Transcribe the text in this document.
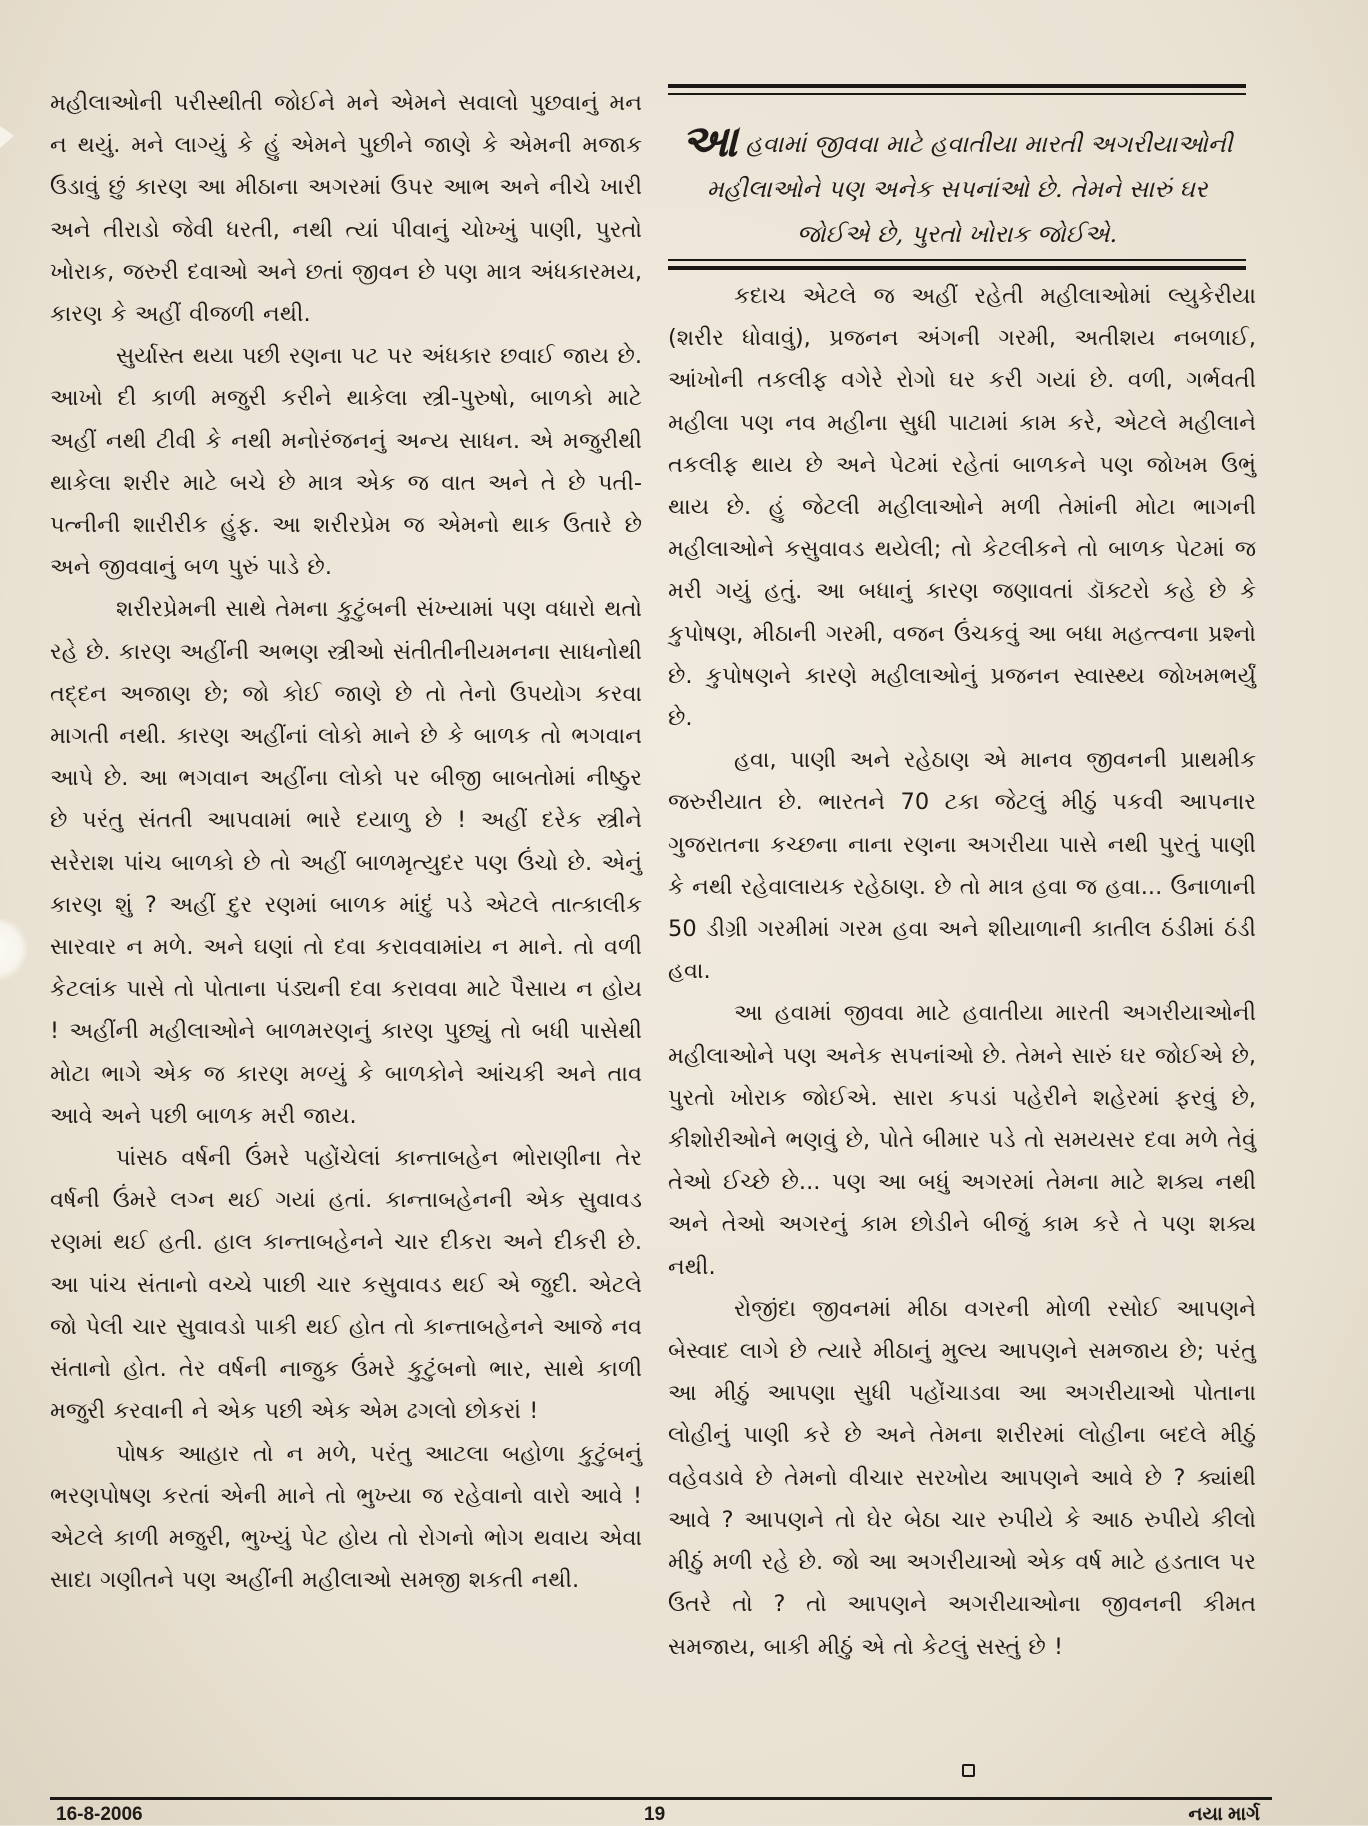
મહીલાઓની પરીસ્થીતી જોઈને મને એમને સવાલો પુછવાનું મન ન થયું. મને લાગ્યું કે હું એમને પુછીને જાણે કે એમની મજાક ઉડાવું છું કારણ આ મીઠાના અગરમાં ઉપર આભ અને નીચે ખારી અને તીરાડો જેવી ધરતી, નથી ત્યાં પીવાનું ચોખ્ખું પાણી, પુરતો ખોરાક, જરુરી દવાઓ અને છતાં જીવન છે પણ માત્ર અંધકારમય, કારણ કે અહીં વીજળી નથી.

સુર્યાસ્ત થયા પછી રણના પટ પર અંધકાર છવાઈ જાય છે. આખો દી કાળી મજુરી કરીને થાકેલા સ્ત્રી-પુરુષો, બાળકો માટે અહીં નથી ટીવી કે નથી મનોરંજનનું અન્ય સાધન. એ મજુરીથી થાકેલા શરીર માટે બચે છે માત્ર એક જ વાત અને તે છે પતી-પત્નીની શારીરીક હુંફ. આ શરીરપ્રેમ જ એમનો થાક ઉતારે છે અને જીવવાનું બળ પુરું પાડે છે.

શરીરપ્રેમની સાથે તેમના કુટુંબની સંખ્યામાં પણ વધારો થતો રહે છે. કારણ અહીંની અભણ સ્ત્રીઓ સંતીતીનીયમનના સાધનોથી તદ્દન અજાણ છે; જો કોઈ જાણે છે તો તેનો ઉપયોગ કરવા માગતી નથી. કારણ અહીંનાં લોકો માને છે કે બાળક તો ભગવાન આપે છે. આ ભગવાન અહીંના લોકો પર બીજી બાબતોમાં નીષ્ઠુર છે પરંતુ સંતતી આપવામાં ભારે દયાળુ છે ! અહીં દરેક સ્ત્રીને સરેરાશ પાંચ બાળકો છે તો અહીં બાળમૃત્યુદર પણ ઉંચો છે. એનું કારણ શું ? અહીં દુર રણમાં બાળક માંદું પડે એટલે તાત્કાલીક સારવાર ન મળે. અને ઘણાં તો દવા કરાવવામાંય ન માને. તો વળી કેટલાંક પાસે તો પોતાના પંડ્યની દવા કરાવવા માટે પૈસાય ન હોય ! અહીંની મહીલાઓને બાળમરણનું કારણ પુછ્યું તો બધી પાસેથી મોટા ભાગે એક જ કારણ મળ્યું કે બાળકોને આંચકી અને તાવ આવે અને પછી બાળક મરી જાય.

પાંસઠ વર્ષની ઉંમરે પહોંચેલાં કાન્તાબહેન ભોરાણીના તેર વર્ષની ઉંમરે લગ્ન થઈ ગયાં હતાં. કાન્તાબહેનની એક સુવાવડ રણમાં થઈ હતી. હાલ કાન્તાબહેનને ચાર દીકરા અને દીકરી છે. આ પાંચ સંતાનો વચ્ચે પાછી ચાર કસુવાવડ થઈ એ જુદી. એટલે જો પેલી ચાર સુવાવડો પાકી થઈ હોત તો કાન્તાબહેનને આજે નવ સંતાનો હોત. તેર વર્ષની નાજુક ઉંમરે કુટુંબનો ભાર, સાથે કાળી મજુરી કરવાની ને એક પછી એક એમ ઢગલો છોકરાં !

પોષક આહાર તો ન મળે, પરંતુ આટલા બહોળા કુટુંબનું ભરણપોષણ કરતાં એની માને તો ભુખ્યા જ રહેવાનો વારો આવે ! એટલે કાળી મજુરી, ભુખ્યું પેટ હોય તો રોગનો ભોગ થવાય એવા સાદા ગણીતને પણ અહીંની મહીલાઓ સમજી શકતી નથી.

આહવામાં જીવવા માટે હવાતીયા મારતી અગરીયાઓની મહીલાઓને પણ અનેક સપનાંઓ છે. તેમને સારું ઘર જોઈએ છે, પુરતો ખોરાક જોઈએ.

કદાચ એટલે જ અહીં રહેતી મહીલાઓમાં લ્યુકેરીયા (શરીર ધોવાવું), પ્રજનન અંગની ગરમી, અતીશય નબળાઈ, આંખોની તકલીફ વગેરે રોગો ઘર કરી ગયાં છે. વળી, ગર્ભવતી મહીલા પણ નવ મહીના સુધી પાટામાં કામ કરે, એટલે મહીલાને તકલીફ થાય છે અને પેટમાં રહેતાં બાળકને પણ જોખમ ઉભું થાય છે. હું જેટલી મહીલાઓને મળી તેમાંની મોટા ભાગની મહીલાઓને કસુવાવડ થયેલી; તો કેટલીકને તો બાળક પેટમાં જ મરી ગયું હતું. આ બધાનું કારણ જણાવતાં ડૉક્ટરો કહે છે કે કુપોષણ, મીઠાની ગરમી, વજન ઉંચકવું આ બધા મહત્ત્વના પ્રશ્નો છે. કુપોષણને કારણે મહીલાઓનું પ્રજનન સ્વાસ્થ્ય જોખમભર્યું છે.

હવા, પાણી અને રહેઠાણ એ માનવ જીવનની પ્રાથમીક જરુરીયાત છે. ભારતને 70 ટકા જેટલું મીઠું પકવી આપનાર ગુજરાતના કચ્છના નાના રણના અગરીયા પાસે નથી પુરતું પાણી કે નથી રહેવાલાયક રહેઠાણ. છે તો માત્ર હવા જ હવા... ઉનાળાની 50 ડીગ્રી ગરમીમાં ગરમ હવા અને શીયાળાની કાતીલ ઠંડીમાં ઠંડી હવા.

આ હવામાં જીવવા માટે હવાતીયા મારતી અગરીયાઓની મહીલાઓને પણ અનેક સપનાંઓ છે. તેમને સારું ઘર જોઈએ છે, પુરતો ખોરાક જોઈએ. સારા કપડાં પહેરીને શહેરમાં ફરવું છે, કીશોરીઓને ભણવું છે, પોતે બીમાર પડે તો સમયસર દવા મળે તેવું તેઓ ઈચ્છે છે... પણ આ બધું અગરમાં તેમના માટે શક્ય નથી અને તેઓ અગરનું કામ છોડીને બીજું કામ કરે તે પણ શક્ય નથી.

રોજીંદા જીવનમાં મીઠા વગરની મોળી રસોઈ આપણને બેસ્વાદ લાગે છે ત્યારે મીઠાનું મુલ્ય આપણને સમજાય છે; પરંતુ આ મીઠું આપણા સુધી પહોંચાડવા આ અગરીયાઓ પોતાના લોહીનું પાણી કરે છે અને તેમના શરીરમાં લોહીના બદલે મીઠું વહેવડાવે છે તેમનો વીચાર સરખોય આપણને આવે છે ? ક્યાંથી આવે ? આપણને તો ઘેર બેઠા ચાર રુપીયે કે આઠ રુપીયે કીલો મીઠું મળી રહે છે. જો આ અગરીયાઓ એક વર્ષ માટે હડતાલ પર ઉતરે તો ? તો આપણને અગરીયાઓના જીવનની કીમત સમજાય, બાકી મીઠું એ તો કેટલું સસ્તું છે !

16-8-2006	19	નયા માર્ગ
